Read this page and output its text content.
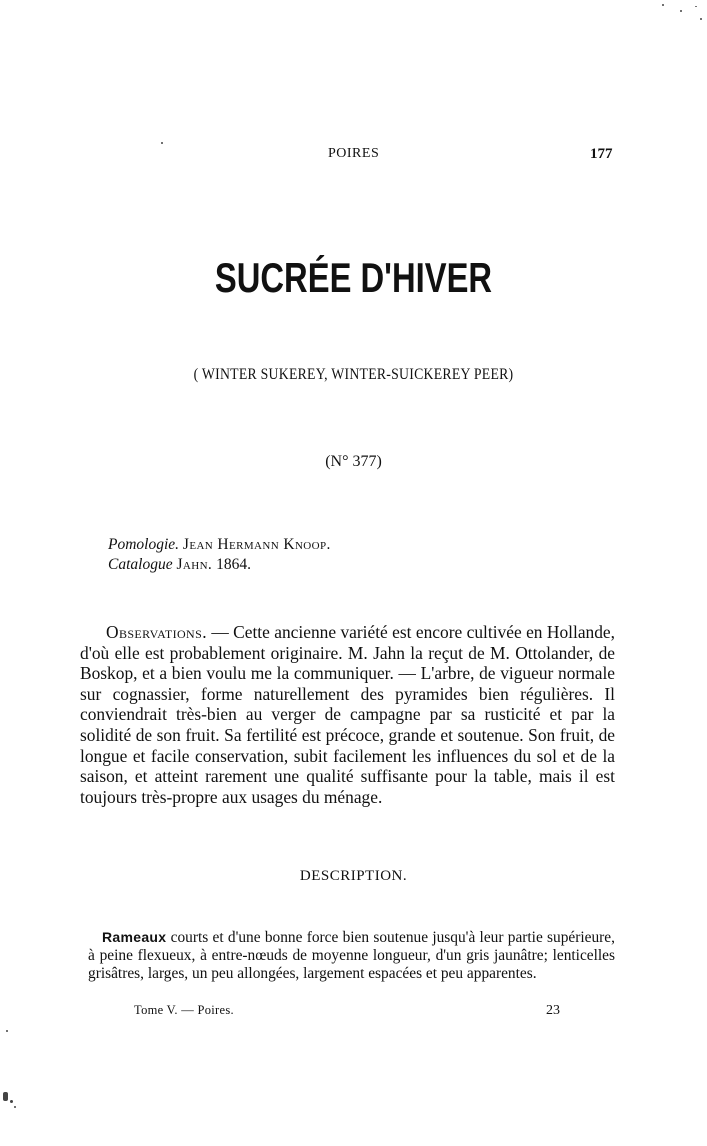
POIRES	177
SUCRÉE D'HIVER
( WINTER SUKEREY, WINTER-SUICKEREY PEER)
(N° 377)
Pomologie. Jean Hermann Knoop.
Catalogue Jahn. 1864.

Observations. — Cette ancienne variété est encore cultivée en Hollande, d'où elle est probablement originaire. M. Jahn la reçut de M. Ottolander, de Boskop, et a bien voulu me la communiquer. — L'arbre, de vigueur normale sur cognassier, forme naturellement des pyramides bien régulières. Il conviendrait très-bien au verger de campagne par sa rusticité et par la solidité de son fruit. Sa fertilité est précoce, grande et soutenue. Son fruit, de longue et facile conservation, subit facilement les influences du sol et de la saison, et atteint rarement une qualité suffisante pour la table, mais il est toujours très-propre aux usages du ménage.

DESCRIPTION.

Rameaux courts et d'une bonne force bien soutenue jusqu'à leur partie supérieure, à peine flexueux, à entre-nœuds de moyenne longueur, d'un gris jaunâtre; lenticelles grisâtres, larges, un peu allongées, largement espacées et peu apparentes.

Tome V. — Poires.	23
